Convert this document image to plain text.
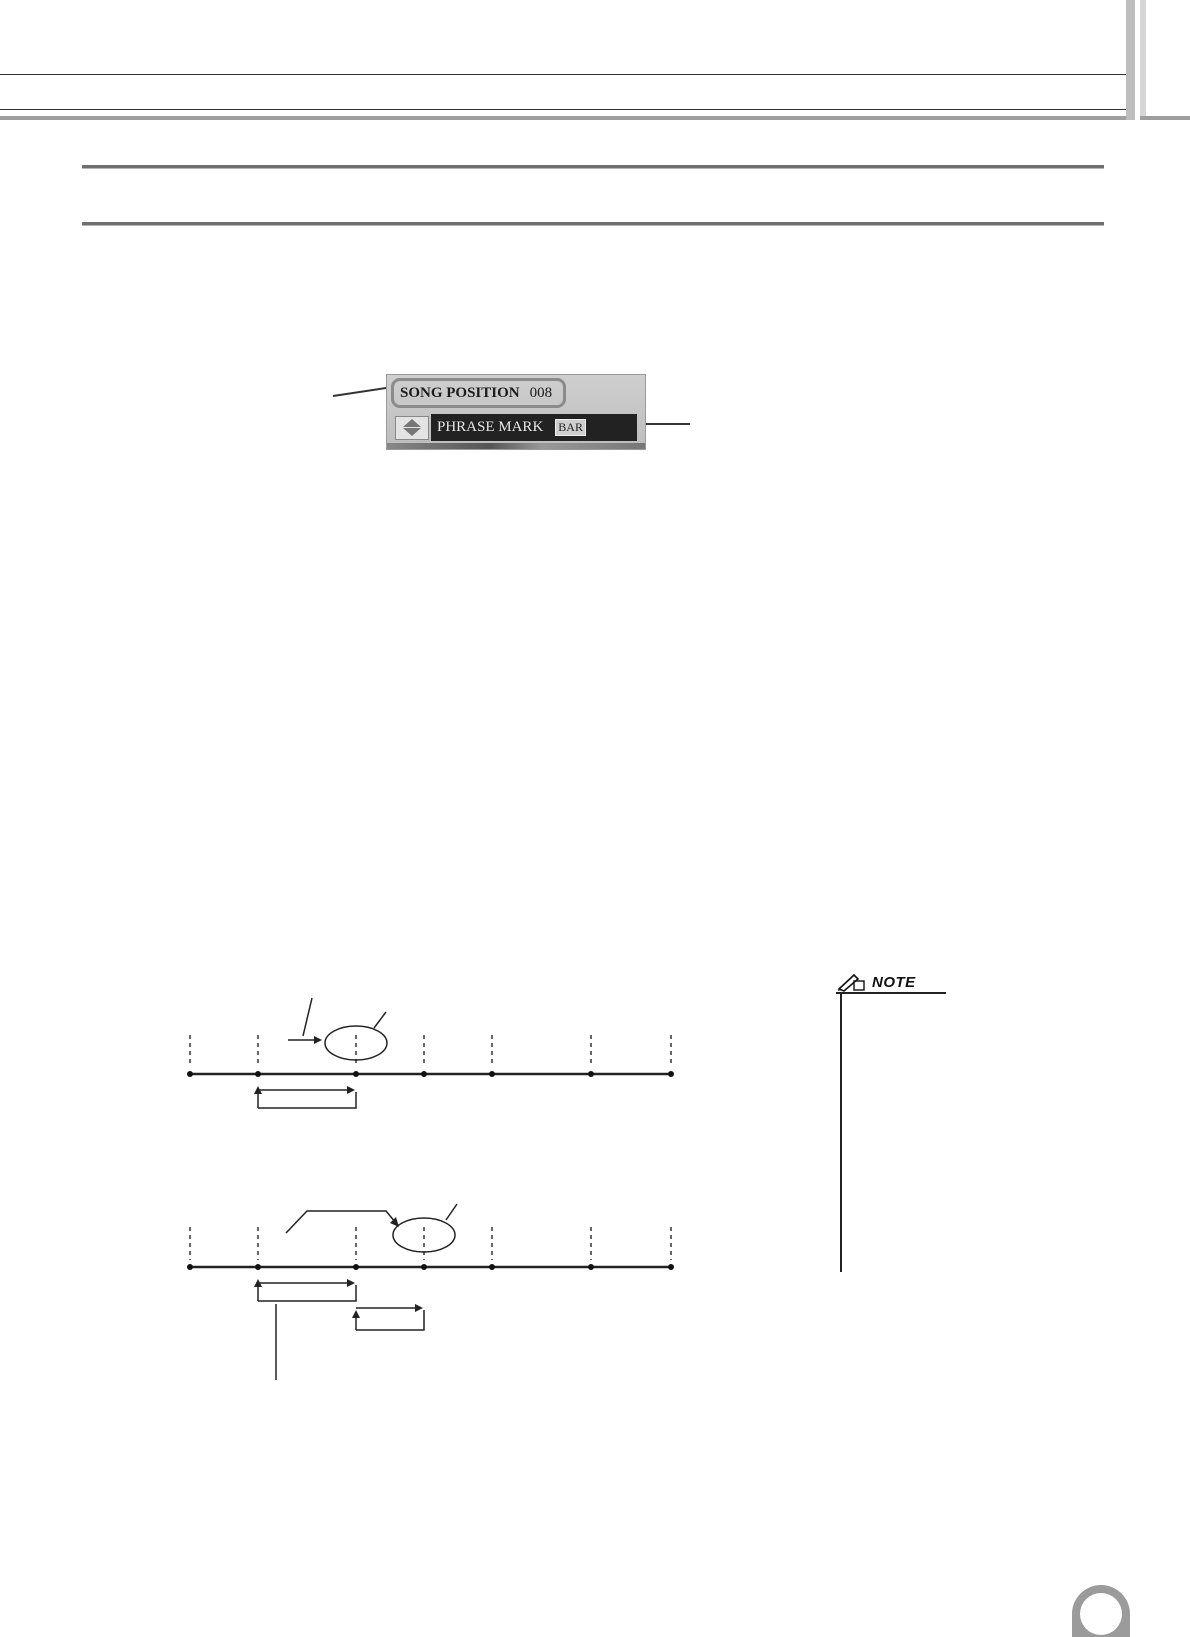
SONG POSITION 008
PHRASE MARK BAR
NOTE
